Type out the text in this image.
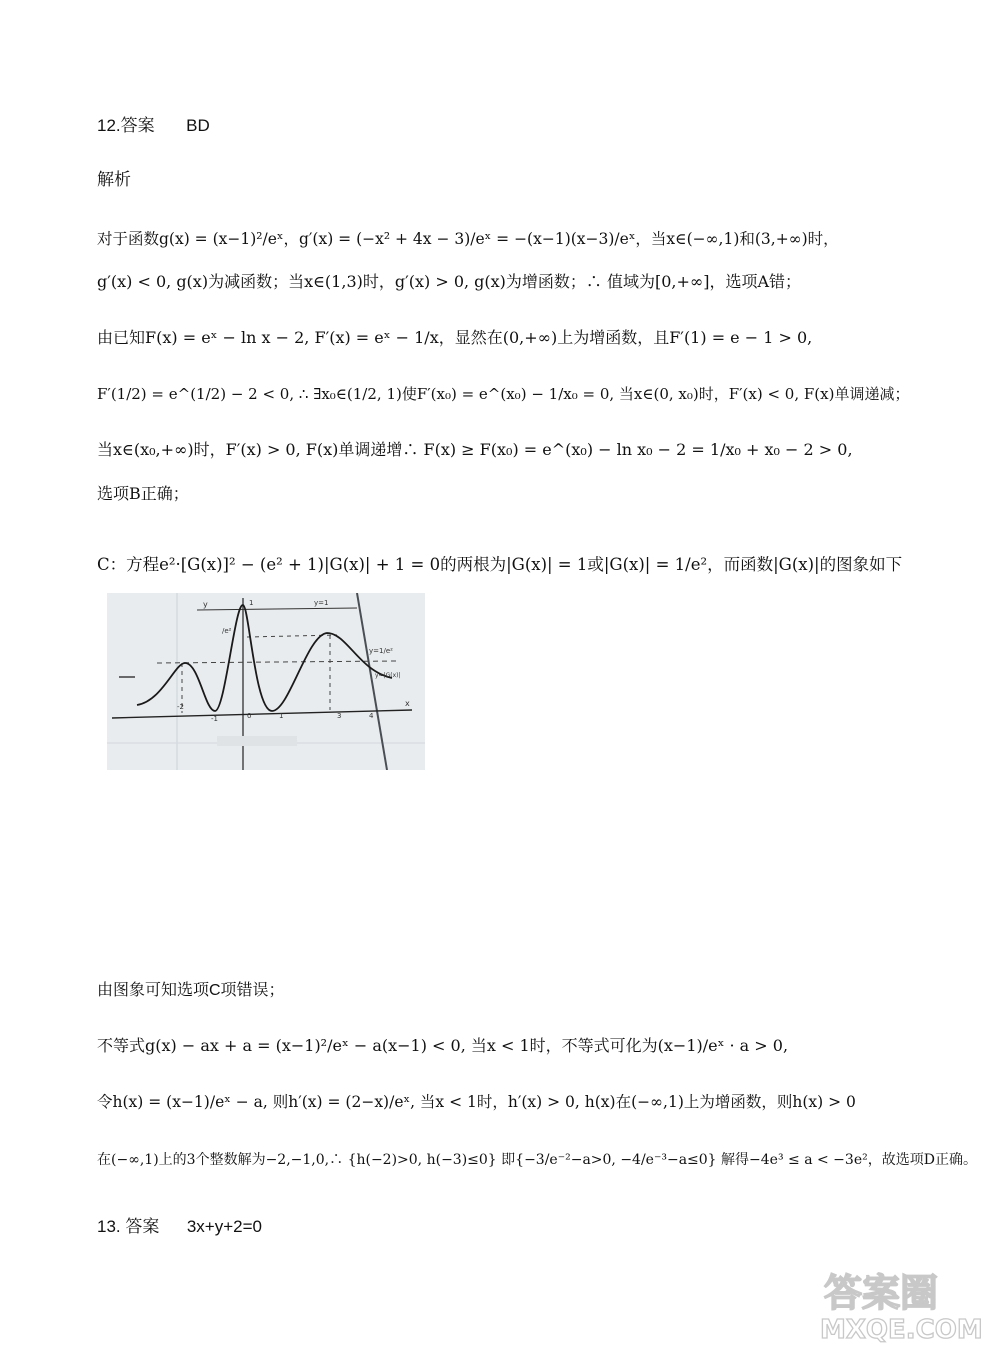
12.答案 BD
解析
对于函数g(x) = (x−1)²/eˣ，g′(x) = (−x² + 4x − 3)/eˣ = −(x−1)(x−3)/eˣ，当x∈(−∞,1)和(3,+∞)时，
g′(x) < 0, g(x)为减函数；当x∈(1,3)时，g′(x) > 0, g(x)为增函数；∴ 值域为[0,+∞]，选项A错；
由已知F(x) = eˣ − ln x − 2, F′(x) = eˣ − 1/x，显然在(0,+∞)上为增函数，且F′(1) = e − 1 > 0,
F′(1/2) = e^(1/2) − 2 < 0, ∴ ∃x₀∈(1/2, 1)使F′(x₀) = e^(x₀) − 1/x₀ = 0, 当x∈(0, x₀)时，F′(x) < 0, F(x)单调递减；
当x∈(x₀,+∞)时，F′(x) > 0, F(x)单调递增∴ F(x) ≥ F(x₀) = e^(x₀) − ln x₀ − 2 = 1/x₀ + x₀ − 2 > 0,
选项B正确；
C：方程e²·[G(x)]² − (e² + 1)|G(x)| + 1 = 0的两根为|G(x)| = 1或|G(x)| = 1/e²，而函数|G(x)|的图象如下
y=1
y=1/e²
y=|G(x)|
x
-2
-1	0	1	3	4
y	1
/e²
由图象可知选项C项错误；
不等式g(x) − ax + a = (x−1)²/eˣ − a(x−1) < 0, 当x < 1时，不等式可化为(x−1)/eˣ · a > 0,
令h(x) = (x−1)/eˣ − a, 则h′(x) = (2−x)/eˣ, 当x < 1时，h′(x) > 0, h(x)在(−∞,1)上为增函数，则h(x) > 0
在(−∞,1)上的3个整数解为−2,−1,0,∴ {h(−2)>0, h(−3)≤0} 即{−3/e⁻²−a>0, −4/e⁻³−a≤0} 解得−4e³ ≤ a < −3e²，故选项D正确。
13. 答案 3x+y+2=0
答案圈
MXQE.COM
